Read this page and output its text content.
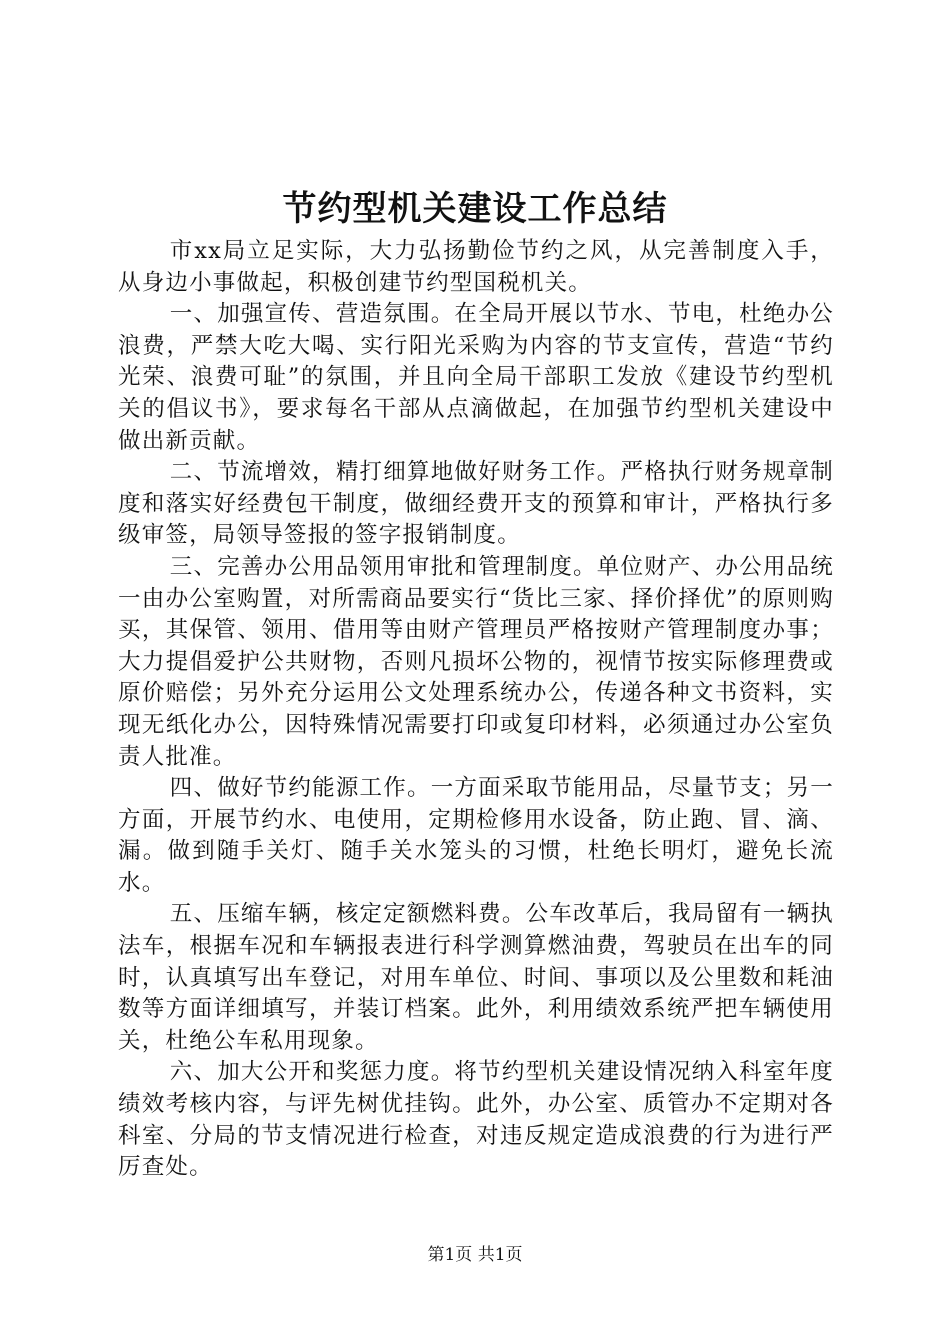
节约型机关建设工作总结

市xx局立足实际，大力弘扬勤俭节约之风，从完善制度入手，从身边小事做起，积极创建节约型国税机关。

一、加强宣传、营造氛围。在全局开展以节水、节电，杜绝办公浪费，严禁大吃大喝、实行阳光采购为内容的节支宣传，营造“节约光荣、浪费可耻”的氛围，并且向全局干部职工发放《建设节约型机关的倡议书》，要求每名干部从点滴做起，在加强节约型机关建设中做出新贡献。

二、节流增效，精打细算地做好财务工作。严格执行财务规章制度和落实好经费包干制度，做细经费开支的预算和审计，严格执行多级审签，局领导签报的签字报销制度。

三、完善办公用品领用审批和管理制度。单位财产、办公用品统一由办公室购置，对所需商品要实行“货比三家、择价择优”的原则购买，其保管、领用、借用等由财产管理员严格按财产管理制度办事；大力提倡爱护公共财物，否则凡损坏公物的，视情节按实际修理费或原价赔偿；另外充分运用公文处理系统办公，传递各种文书资料，实现无纸化办公，因特殊情况需要打印或复印材料，必须通过办公室负责人批准。

四、做好节约能源工作。一方面采取节能用品，尽量节支；另一方面，开展节约水、电使用，定期检修用水设备，防止跑、冒、滴、漏。做到随手关灯、随手关水笼头的习惯，杜绝长明灯，避免长流水。

五、压缩车辆，核定定额燃料费。公车改革后，我局留有一辆执法车，根据车况和车辆报表进行科学测算燃油费，驾驶员在出车的同时，认真填写出车登记，对用车单位、时间、事项以及公里数和耗油数等方面详细填写，并装订档案。此外，利用绩效系统严把车辆使用关，杜绝公车私用现象。

六、加大公开和奖惩力度。将节约型机关建设情况纳入科室年度绩效考核内容，与评先树优挂钩。此外，办公室、质管办不定期对各科室、分局的节支情况进行检查，对违反规定造成浪费的行为进行严厉查处。

第1页 共1页
